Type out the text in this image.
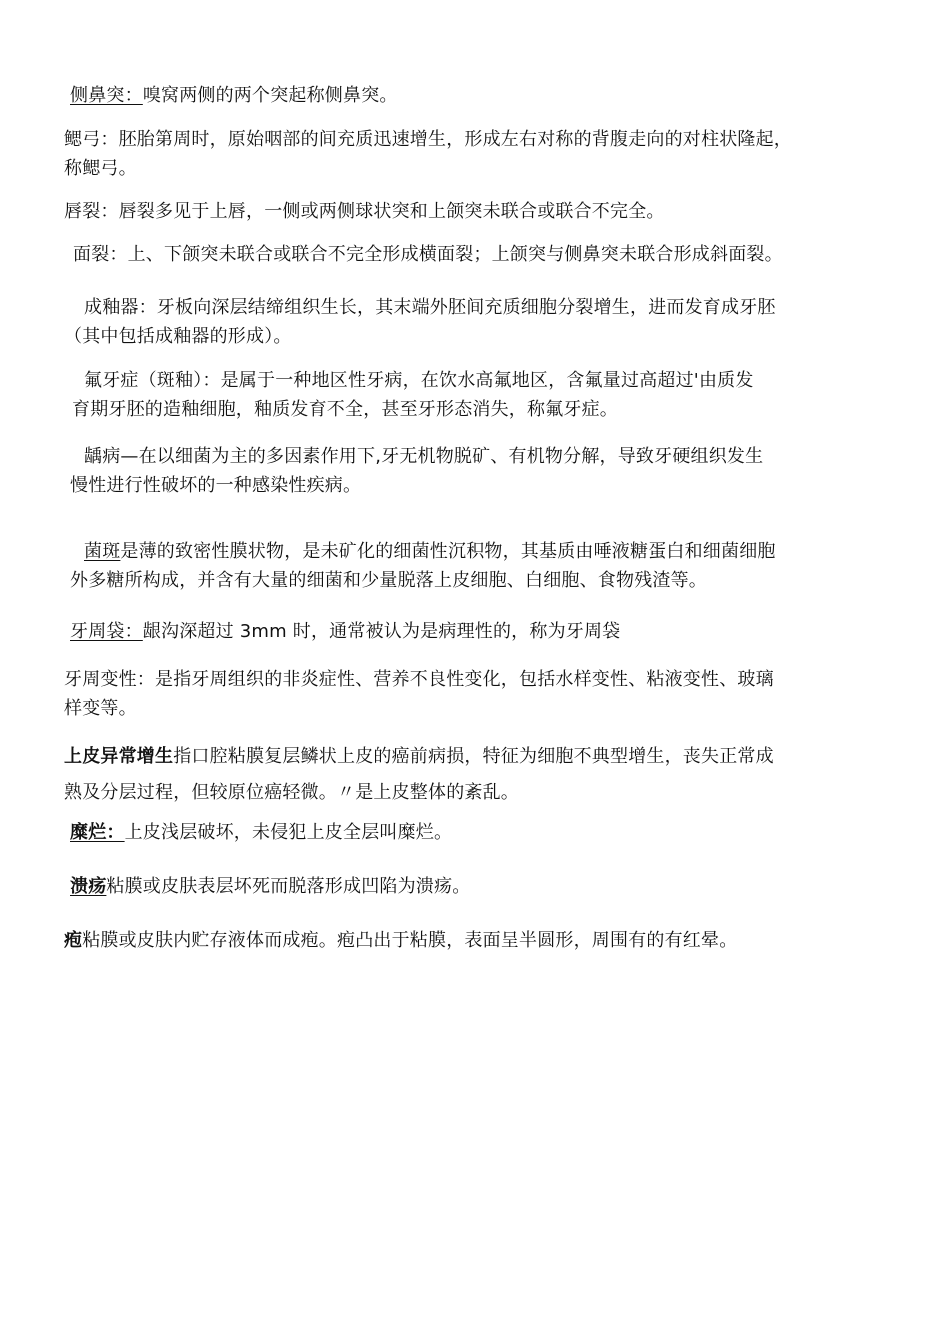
侧鼻突：嗅窝两侧的两个突起称侧鼻突。

鳃弓：胚胎第周时，原始咽部的间充质迅速增生，形成左右对称的背腹走向的对柱状隆起，
称鳃弓。

唇裂：唇裂多见于上唇，一侧或两侧球状突和上颌突未联合或联合不完全。

面裂：上、下颌突未联合或联合不完全形成横面裂；上颌突与侧鼻突未联合形成斜面裂。

成釉器：牙板向深层结缔组织生长，其末端外胚间充质细胞分裂增生，进而发育成牙胚
（其中包括成釉器的形成）。

氟牙症（斑釉）：是属于一种地区性牙病，在饮水高氟地区，含氟量过高超过'由质发
育期牙胚的造釉细胞，釉质发育不全，甚至牙形态消失，称氟牙症。

龋病—在以细菌为主的多因素作用下,牙无机物脱矿、有机物分解，导致牙硬组织发生
慢性进行性破坏的一种感染性疾病。

菌斑是薄的致密性膜状物，是未矿化的细菌性沉积物，其基质由唾液糖蛋白和细菌细胞
外多糖所构成，并含有大量的细菌和少量脱落上皮细胞、白细胞、食物残渣等。

牙周袋：龈沟深超过 3mm 时，通常被认为是病理性的，称为牙周袋

牙周变性：是指牙周组织的非炎症性、营养不良性变化，包括水样变性、粘液变性、玻璃
样变等。

上皮异常增生指口腔粘膜复层鳞状上皮的癌前病损，特征为细胞不典型增生，丧失正常成
熟及分层过程，但较原位癌轻微。〃是上皮整体的紊乱。

糜烂：上皮浅层破坏，未侵犯上皮全层叫糜烂。

溃疡粘膜或皮肤表层坏死而脱落形成凹陷为溃疡。

疱粘膜或皮肤内贮存液体而成疱。疱凸出于粘膜，表面呈半圆形，周围有的有红晕。
